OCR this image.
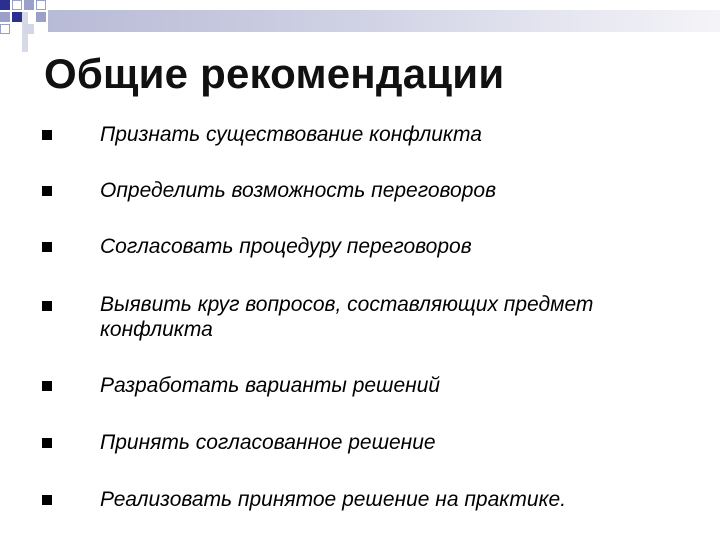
Общие рекомендации
Признать существование конфликта
Определить возможность переговоров
Согласовать процедуру переговоров
Выявить круг вопросов, составляющих предмет конфликта
Разработать варианты решений
Принять согласованное решение
Реализовать принятое решение на практике.
